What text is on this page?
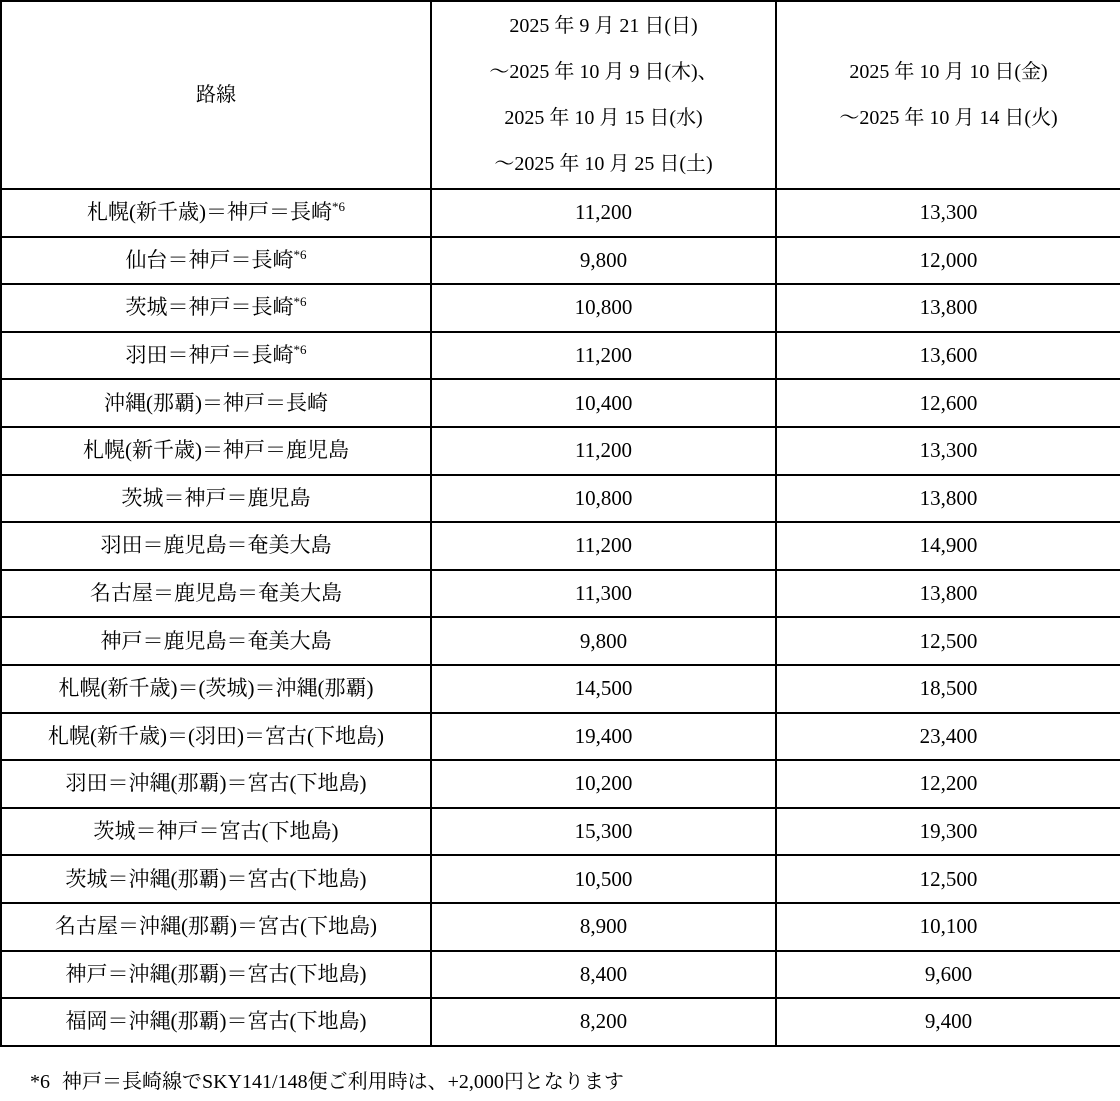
路線

2025 年 9 月 21 日(日)
～2025 年 10 月 9 日(木)、
2025 年 10 月 15 日(水)
～2025 年 10 月 25 日(土)

2025 年 10 月 10 日(金)
～2025 年 10 月 14 日(火)

札幌(新千歳)＝神戸＝長崎$^{*6}$	11,200	13,300
仙台＝神戸＝長崎$^{*6}$	9,800	12,000
茨城＝神戸＝長崎$^{*6}$	10,800	13,800
羽田＝神戸＝長崎$^{*6}$	11,200	13,600
沖縄(那覇)＝神戸＝長崎	10,400	12,600
札幌(新千歳)＝神戸＝鹿児島	11,200	13,300
茨城＝神戸＝鹿児島	10,800	13,800
羽田＝鹿児島＝奄美大島	11,200	14,900
名古屋＝鹿児島＝奄美大島	11,300	13,800
神戸＝鹿児島＝奄美大島	9,800	12,500
札幌(新千歳)＝(茨城)＝沖縄(那覇)	14,500	18,500
札幌(新千歳)＝(羽田)＝宮古(下地島)	19,400	23,400
羽田＝沖縄(那覇)＝宮古(下地島)	10,200	12,200
茨城＝神戸＝宮古(下地島)	15,300	19,300
茨城＝沖縄(那覇)＝宮古(下地島)	10,500	12,500
名古屋＝沖縄(那覇)＝宮古(下地島)	8,900	10,100
神戸＝沖縄(那覇)＝宮古(下地島)	8,400	9,600
福岡＝沖縄(那覇)＝宮古(下地島)	8,200	9,400

*6 神戸＝長崎線でSKY141/148便ご利用時は、+2,000円となります
